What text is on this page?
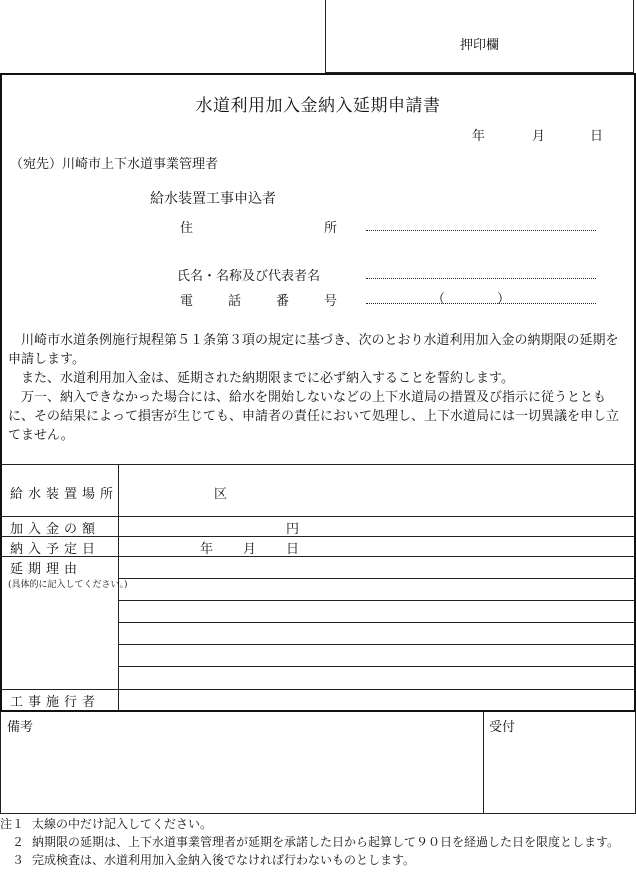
押印欄
水道利用加入金納入延期申請書
年	月	日
（宛先）川崎市上下水道事業管理者
給水装置工事申込者
住	所
氏名・名称及び代表者名
電	話	番	号	（　　　　）
　川崎市水道条例施行規程第５１条第３項の規定に基づき、次のとおり水道利用加入金の納期限の延期を申請します。
　また、水道利用加入金は、延期された納期限までに必ず納入することを誓約します。
　万一、納入できなかった場合には、給水を開始しないなどの上下水道局の措置及び指示に従うとともに、その結果によって損害が生じても、申請者の責任において処理し、上下水道局には一切異議を申し立てません。
給水装置場所	区
加入金の額	円
納入予定日	年 月 日
延期理由
(具体的に記入してください。)
工事施行者
備考	受付
注１ 太線の中だけ記入してください。
２ 納期限の延期は、上下水道事業管理者が延期を承諾した日から起算して９０日を経過した日を限度とします。
３ 完成検査は、水道利用加入金納入後でなければ行わないものとします。
